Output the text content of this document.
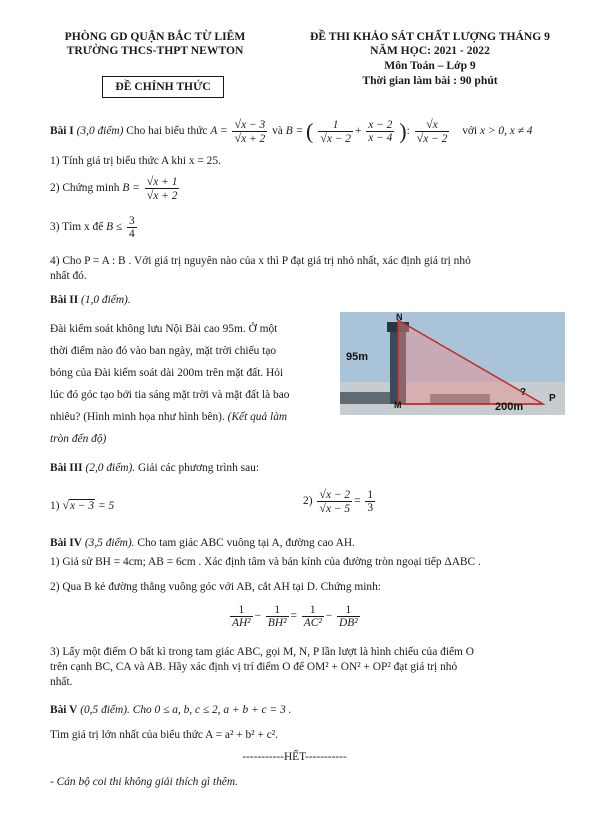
PHÒNG GD QUẬN BẮC TỪ LIÊM
TRƯỜNG THCS-THPT NEWTON
ĐỀ CHÍNH THỨC
ĐỀ THI KHẢO SÁT CHẤT LƯỢNG THÁNG 9
NĂM HỌC: 2021 - 2022
Môn Toán – Lớp 9
Thời gian làm bài : 90 phút
Bài I (3,0 điểm) Cho hai biểu thức $A = \frac{√x - 3}{√x + 2}$ và B = ( $\frac{1}{√x - 2} + \frac{x - 2}{x - 4}$ ): $\frac{√x}{√x - 2}$ với x > 0, x ≠ 4
1) Tính giá trị biểu thức A khi x = 25.
2) Chứng minh $B = \frac{√x + 1}{√x + 2}$
3) Tìm x để $B \le \frac{3}{4}$
4) Cho P = A : B . Với giá trị nguyên nào của x thì P đạt giá trị nhỏ nhất, xác định giá trị nhỏ
nhất đó.
Bài II (1,0 điểm).
Đài kiểm soát không lưu Nội Bài cao 95m. Ở một
thời điểm nào đó vào ban ngày, mặt trời chiếu tạo
bóng của Đài kiểm soát dài 200m trên mặt đất. Hỏi
lúc đó góc tạo bởi tia sáng mặt trời và mặt đất là bao
nhiêu? (Hình minh họa như hình bên). (Kết quả làm
tròn đến độ)
N
95m
M	200m
P
?
Bài III (2,0 điểm). Giải các phương trình sau:
1) √x − 3 = 5	$2) \frac{√x - 2}{√x - 5} = \frac{1}{3}$
Bài IV (3,5 điểm). Cho tam giác ABC vuông tại A, đường cao AH.
1) Giả sử BH = 4cm; AB = 6cm . Xác định tâm và bán kính của đường tròn ngoại tiếp ΔABC .
2) Qua B kẻ đường thẳng vuông góc với AB, cắt AH tại D. Chứng minh:
$\frac{1}{\text{AH²}} - \frac{1}{\text{BH²}} = \frac{1}{\text{AC²}} - \frac{1}{\text{DB²}}$
3) Lấy một điểm O bất kì trong tam giác ABC, gọi M, N, P lần lượt là hình chiếu của điểm O
trên cạnh BC, CA và AB. Hãy xác định vị trí điểm O để OM² + ON² + OP² đạt giá trị nhỏ
nhất.
Bài V (0,5 điểm). Cho 0 ≤ a, b, c ≤ 2, a + b + c = 3 .
Tìm giá trị lớn nhất của biểu thức A = a² + b² + c².
-----------HẾT-----------
- Cán bộ coi thi không giải thích gì thêm.
